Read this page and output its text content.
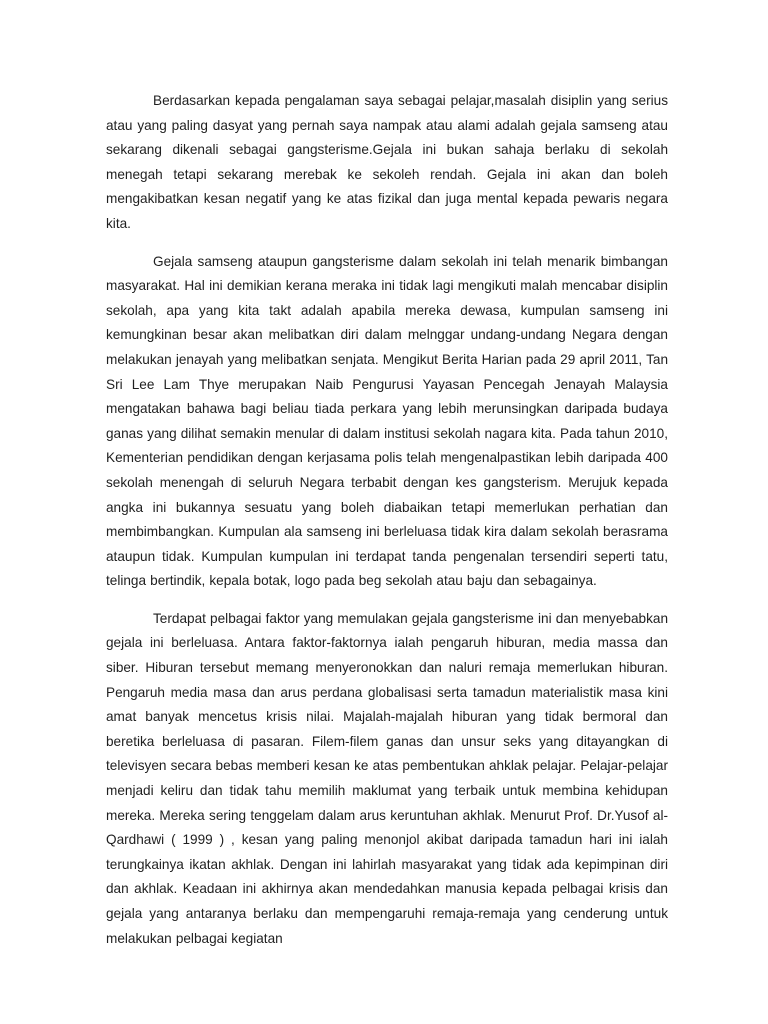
Berdasarkan kepada pengalaman saya sebagai pelajar,masalah disiplin yang serius atau yang paling dasyat yang pernah saya nampak atau alami adalah gejala samseng atau sekarang dikenali sebagai gangsterisme.Gejala ini bukan sahaja berlaku di sekolah menegah tetapi sekarang merebak ke sekoleh rendah. Gejala ini akan dan boleh mengakibatkan kesan negatif yang ke atas fizikal dan juga mental kepada pewaris negara kita.

Gejala samseng ataupun gangsterisme dalam sekolah ini telah menarik bimbangan masyarakat. Hal ini demikian kerana meraka ini tidak lagi mengikuti malah mencabar disiplin sekolah, apa yang kita takt adalah apabila mereka dewasa, kumpulan samseng ini kemungkinan besar akan melibatkan diri dalam melnggar undang-undang Negara dengan melakukan jenayah yang melibatkan senjata. Mengikut Berita Harian pada 29 april 2011, Tan Sri Lee Lam Thye merupakan Naib Pengurusi Yayasan Pencegah Jenayah Malaysia mengatakan bahawa bagi beliau tiada perkara yang lebih merunsingkan daripada budaya ganas yang dilihat semakin menular di dalam institusi sekolah nagara kita. Pada tahun 2010, Kementerian pendidikan dengan kerjasama polis telah mengenalpastikan lebih daripada 400 sekolah menengah di seluruh Negara terbabit dengan kes gangsterism. Merujuk kepada angka ini bukannya sesuatu yang boleh diabaikan tetapi memerlukan perhatian dan membimbangkan. Kumpulan ala samseng ini berleluasa tidak kira dalam sekolah berasrama ataupun tidak. Kumpulan kumpulan ini terdapat tanda pengenalan tersendiri seperti tatu, telinga bertindik, kepala botak, logo pada beg sekolah atau baju dan sebagainya.

Terdapat pelbagai faktor yang memulakan gejala gangsterisme ini dan menyebabkan gejala ini berleluasa. Antara faktor-faktornya ialah pengaruh hiburan, media massa dan siber. Hiburan tersebut memang menyeronokkan dan naluri remaja memerlukan hiburan. Pengaruh media masa dan arus perdana globalisasi serta tamadun materialistik masa kini amat banyak mencetus krisis nilai. Majalah-majalah hiburan yang tidak bermoral dan beretika berleluasa di pasaran. Filem-filem ganas dan unsur seks yang ditayangkan di televisyen secara bebas memberi kesan ke atas pembentukan ahklak pelajar. Pelajar-pelajar menjadi keliru dan tidak tahu memilih maklumat yang terbaik untuk membina kehidupan mereka. Mereka sering tenggelam dalam arus keruntuhan akhlak. Menurut Prof. Dr.Yusof al-Qardhawi ( 1999 ) , kesan yang paling menonjol akibat daripada tamadun hari ini ialah terungkainya ikatan akhlak. Dengan ini lahirlah masyarakat yang tidak ada kepimpinan diri dan akhlak. Keadaan ini akhirnya akan mendedahkan manusia kepada pelbagai krisis dan gejala yang antaranya berlaku dan mempengaruhi remaja-remaja yang cenderung untuk melakukan pelbagai kegiatan
